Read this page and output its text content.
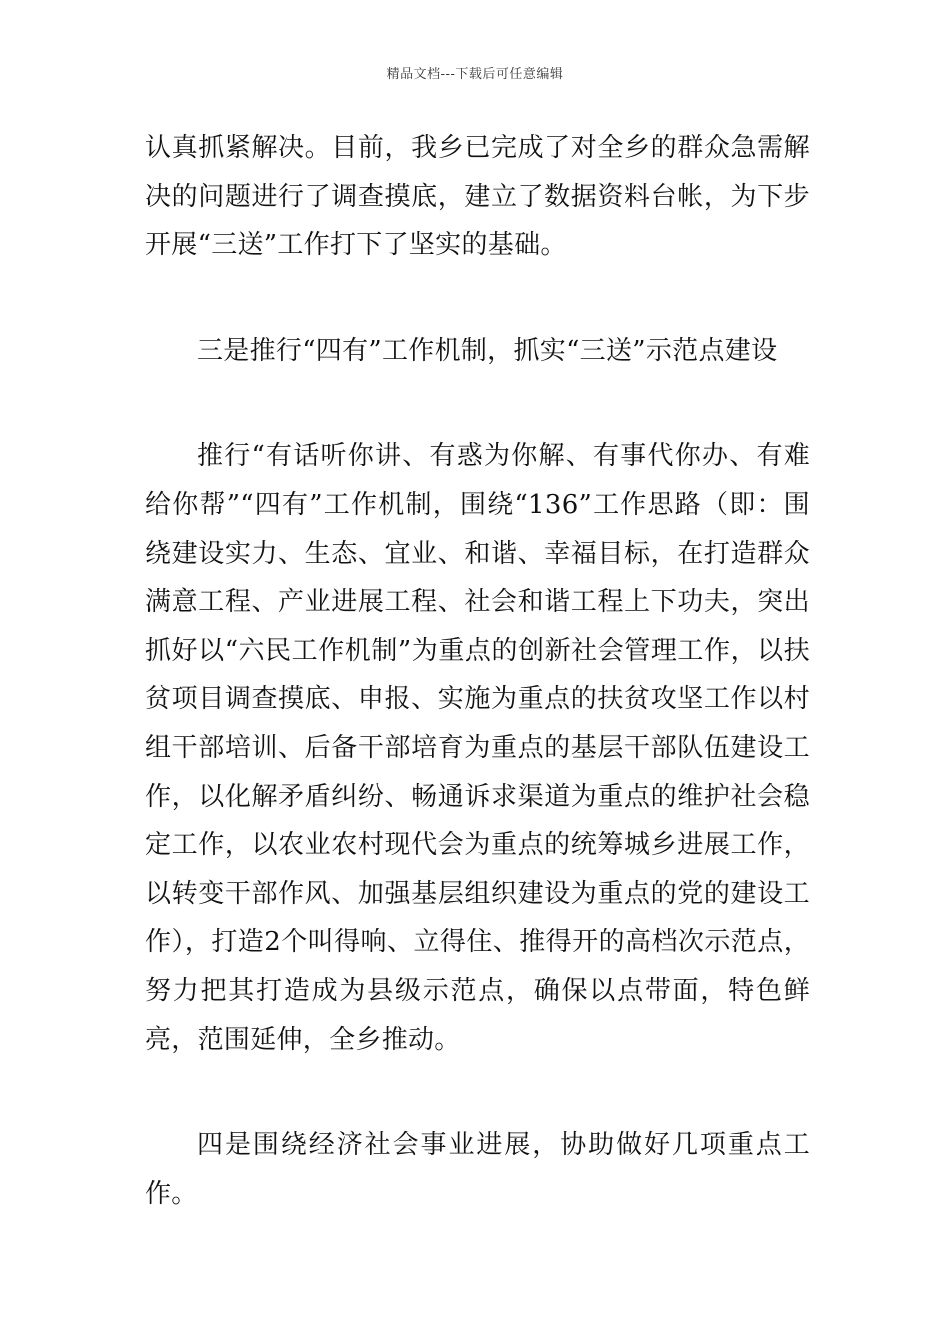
精品文档---下载后可任意编辑

认真抓紧解决。目前，我乡已完成了对全乡的群众急需解决的问题进行了调查摸底，建立了数据资料台帐，为下步开展“三送”工作打下了坚实的基础。

三是推行“四有”工作机制，抓实“三送”示范点建设

推行“有话听你讲、有惑为你解、有事代你办、有难给你帮”“四有”工作机制，围绕“136”工作思路（即：围绕建设实力、生态、宜业、和谐、幸福目标，在打造群众满意工程、产业进展工程、社会和谐工程上下功夫，突出抓好以“六民工作机制”为重点的创新社会管理工作，以扶贫项目调查摸底、申报、实施为重点的扶贫攻坚工作以村组干部培训、后备干部培育为重点的基层干部队伍建设工作，以化解矛盾纠纷、畅通诉求渠道为重点的维护社会稳定工作，以农业农村现代会为重点的统筹城乡进展工作，以转变干部作风、加强基层组织建设为重点的党的建设工作），打造2个叫得响、立得住、推得开的高档次示范点，努力把其打造成为县级示范点，确保以点带面，特色鲜亮，范围延伸，全乡推动。

四是围绕经济社会事业进展，协助做好几项重点工作。
